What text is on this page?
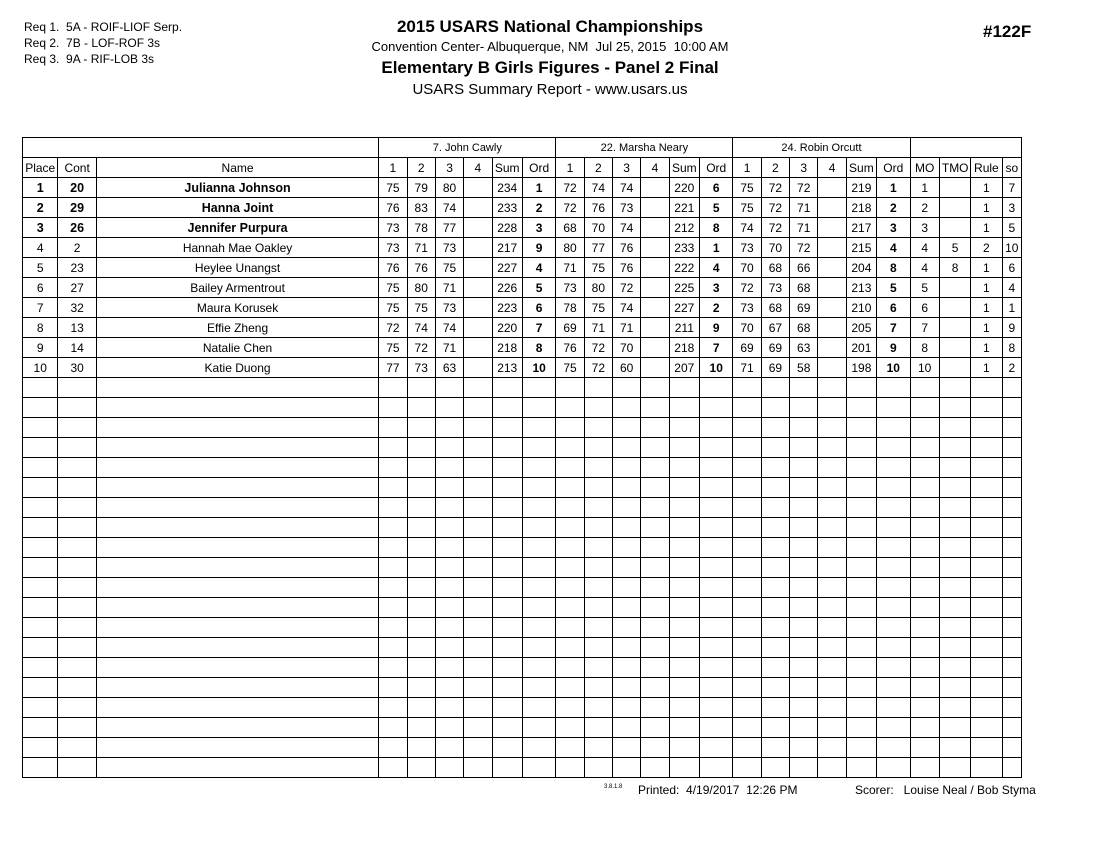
Req 1.  5A - ROIF-LIOF Serp.
Req 2.  7B - LOF-ROF 3s
Req 3.  9A - RIF-LOB 3s
2015 USARS National Championships
Convention Center- Albuquerque, NM  Jul 25, 2015  10:00 AM
Elementary B Girls Figures - Panel 2 Final
USARS Summary Report - www.usars.us
#122F
			7. John Cawly						22. Marsha Neary						24. Robin Orcutt									
Place	Cont	Name	1	2	3	4	Sum	Ord	1	2	3	4	Sum	Ord	1	2	3	4	Sum	Ord	MO	TMO	Rule	so
1	20	Julianna Johnson	75	79	80		234	1	72	74	74		220	6	75	72	72		219	1	1		1	7
2	29	Hanna Joint	76	83	74		233	2	72	76	73		221	5	75	72	71		218	2	2		1	3
3	26	Jennifer Purpura	73	78	77		228	3	68	70	74		212	8	74	72	71		217	3	3		1	5
4	2	Hannah Mae Oakley	73	71	73		217	9	80	77	76		233	1	73	70	72		215	4	4	5	2	10
5	23	Heylee Unangst	76	76	75		227	4	71	75	76		222	4	70	68	66		204	8	4	8	1	6
6	27	Bailey Armentrout	75	80	71		226	5	73	80	72		225	3	72	73	68		213	5	5		1	4
7	32	Maura Korusek	75	75	73		223	6	78	75	74		227	2	73	68	69		210	6	6		1	1
8	13	Effie Zheng	72	74	74		220	7	69	71	71		211	9	70	67	68		205	7	7		1	9
9	14	Natalie Chen	75	72	71		218	8	76	72	70		218	7	69	69	63		201	9	8		1	8
10	30	Katie Duong	77	73	63		213	10	75	72	60		207	10	71	69	58		198	10	10		1	2

3.8.1.8 Printed:  4/19/2017  12:26 PM	Scorer:   Louise Neal / Bob Styma
